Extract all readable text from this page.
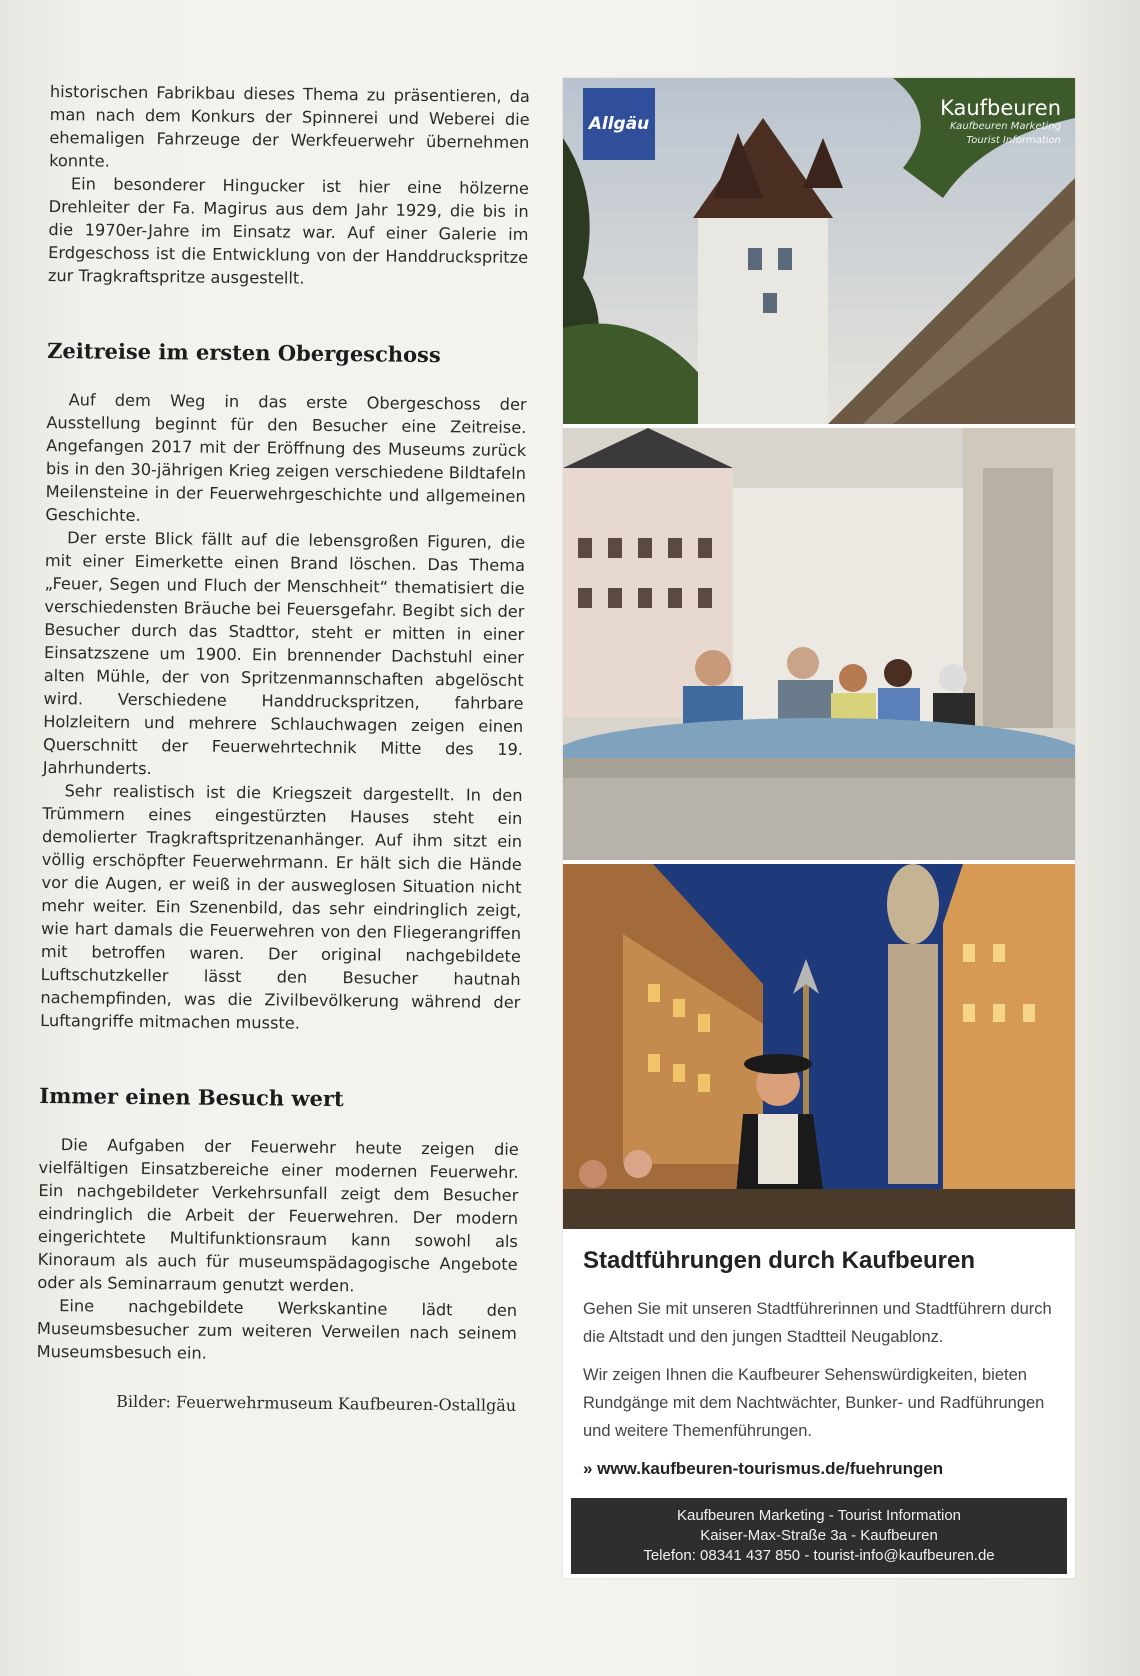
historischen Fabrikbau dieses Thema zu präsentieren, da man nach dem Konkurs der Spinnerei und Weberei die ehemaligen Fahrzeuge der Werkfeuerwehr übernehmen konnte.

Ein besonderer Hingucker ist hier eine hölzerne Drehleiter der Fa. Magirus aus dem Jahr 1929, die bis in die 1970er-Jahre im Einsatz war. Auf einer Galerie im Erdgeschoss ist die Entwicklung von der Handdruckspritze zur Tragkraftspritze ausgestellt.

Zeitreise im ersten Obergeschoss

Auf dem Weg in das erste Obergeschoss der Ausstellung beginnt für den Besucher eine Zeitreise. Angefangen 2017 mit der Eröffnung des Museums zurück bis in den 30-jährigen Krieg zeigen verschiedene Bildtafeln Meilensteine in der Feuerwehrgeschichte und allgemeinen Geschichte.

Der erste Blick fällt auf die lebensgroßen Figuren, die mit einer Eimerkette einen Brand löschen. Das Thema „Feuer, Segen und Fluch der Menschheit“ thematisiert die verschiedensten Bräuche bei Feuersgefahr. Begibt sich der Besucher durch das Stadttor, steht er mitten in einer Einsatzszene um 1900. Ein brennender Dachstuhl einer alten Mühle, der von Spritzenmannschaften abgelöscht wird. Verschiedene Handdruckspritzen, fahrbare Holzleitern und mehrere Schlauchwagen zeigen einen Querschnitt der Feuerwehrtechnik Mitte des 19. Jahrhunderts.

Sehr realistisch ist die Kriegszeit dargestellt. In den Trümmern eines eingestürzten Hauses steht ein demolierter Tragkraftspritzenanhänger. Auf ihm sitzt ein völlig erschöpfter Feuerwehrmann. Er hält sich die Hände vor die Augen, er weiß in der ausweglosen Situation nicht mehr weiter. Ein Szenenbild, das sehr eindringlich zeigt, wie hart damals die Feuerwehren von den Fliegerangriffen mit betroffen waren. Der original nachgebildete Luftschutzkeller lässt den Besucher hautnah nachempfinden, was die Zivilbevölkerung während der Luftangriffe mitmachen musste.

Immer einen Besuch wert

Die Aufgaben der Feuerwehr heute zeigen die vielfältigen Einsatzbereiche einer modernen Feuerwehr. Ein nachgebildeter Verkehrsunfall zeigt dem Besucher eindringlich die Arbeit der Feuerwehren. Der modern eingerichtete Multifunktionsraum kann sowohl als Kinoraum als auch für museumspädagogische Angebote oder als Seminarraum genutzt werden.

Eine nachgebildete Werkskantine lädt den Museumsbesucher zum weiteren Verweilen nach seinem Museumsbesuch ein.

Bilder: Feuerwehrmuseum Kaufbeuren-Ostallgäu
Allgäu
Kaufbeuren
Kaufbeuren Marketing
Tourist Information
Stadtführungen durch Kaufbeuren

Gehen Sie mit unseren Stadtführerinnen und Stadtführern durch die Altstadt und den jungen Stadtteil Neugablonz.

Wir zeigen Ihnen die Kaufbeurer Sehenswürdigkeiten, bieten Rundgänge mit dem Nachtwächter, Bunker- und Radführungen und weitere Themenführungen.

» www.kaufbeuren-tourismus.de/fuehrungen
Kaufbeuren Marketing - Tourist Information
Kaiser-Max-Straße 3a - Kaufbeuren
Telefon: 08341 437 850 - tourist-info@kaufbeuren.de
